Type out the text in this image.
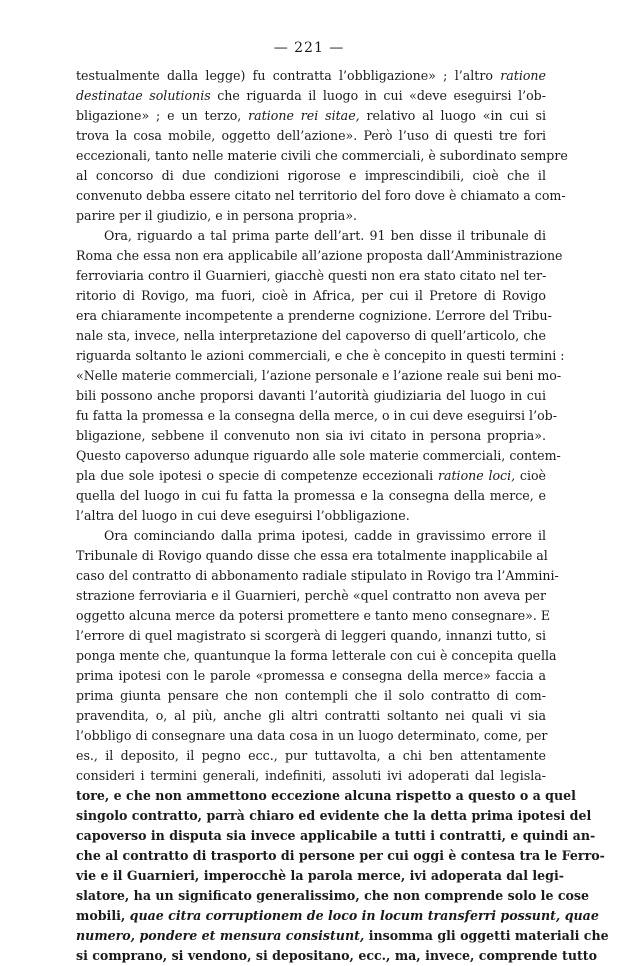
— 221 —
testualmente dalla legge) fu contratta l’obbligazione» ; l’altro ratione
destinatae solutionis che riguarda il luogo in cui «deve eseguirsi l’ob-
bligazione» ; e un terzo, ratione rei sitae, relativo al luogo «in cui si
trova la cosa mobile, oggetto dell’azione». Però l’uso di questi tre fori
eccezionali, tanto nelle materie civili che commerciali, è subordinato sempre
al concorso di due condizioni rigorose e imprescindibili, cioè che il
convenuto debba essere citato nel territorio del foro dove è chiamato a com-
parire per il giudizio, e in persona propria».
Ora, riguardo a tal prima parte dell’art. 91 ben disse il tribunale di
Roma che essa non era applicabile all’azione proposta dall’Amministrazione
ferroviaria contro il Guarnieri, giacchè questi non era stato citato nel ter-
ritorio di Rovigo, ma fuori, cioè in Africa, per cui il Pretore di Rovigo
era chiaramente incompetente a prenderne cognizione. L’errore del Tribu-
nale sta, invece, nella interpretazione del capoverso di quell’articolo, che
riguarda soltanto le azioni commerciali, e che è concepito in questi termini :
«Nelle materie commerciali, l’azione personale e l’azione reale sui beni mo-
bili possono anche proporsi davanti l’autorità giudiziaria del luogo in cui
fu fatta la promessa e la consegna della merce, o in cui deve eseguirsi l’ob-
bligazione, sebbene il convenuto non sia ivi citato in persona propria».
Questo capoverso adunque riguardo alle sole materie commerciali, contem-
pla due sole ipotesi o specie di competenze eccezionali ratione loci, cioè
quella del luogo in cui fu fatta la promessa e la consegna della merce, e
l’altra del luogo in cui deve eseguirsi l’obbligazione.
Ora cominciando dalla prima ipotesi, cadde in gravissimo errore il
Tribunale di Rovigo quando disse che essa era totalmente inapplicabile al
caso del contratto di abbonamento radiale stipulato in Rovigo tra l’Ammini-
strazione ferroviaria e il Guarnieri, perchè «quel contratto non aveva per
oggetto alcuna merce da potersi promettere e tanto meno consegnare». E
l’errore di quel magistrato si scorgerà di leggeri quando, innanzi tutto, si
ponga mente che, quantunque la forma letterale con cui è concepita quella
prima ipotesi con le parole «promessa e consegna della merce» faccia a
prima giunta pensare che non contempli che il solo contratto di com-
pravendita, o, al più, anche gli altri contratti soltanto nei quali vi sia
l’obbligo di consegnare una data cosa in un luogo determinato, come, per
es., il deposito, il pegno ecc., pur tuttavolta, a chi ben attentamente
consideri i termini generali, indefiniti, assoluti ivi adoperati dal legisla-
tore, e che non ammettono eccezione alcuna rispetto a questo o a quel
singolo contratto, parrà chiaro ed evidente che la detta prima ipotesi del
capoverso in disputa sia invece applicabile a tutti i contratti, e quindi an-
che al contratto di trasporto di persone per cui oggi è contesa tra le Ferro-
vie e il Guarnieri, imperocchè la parola merce, ivi adoperata dal legi-
slatore, ha un significato generalissimo, che non comprende solo le cose
mobili, quae citra corruptionem de loco in locum transferri possunt, quae
numero, pondere et mensura consistunt, insomma gli oggetti materiali che
si comprano, si vendono, si depositano, ecc., ma, invece, comprende tutto
